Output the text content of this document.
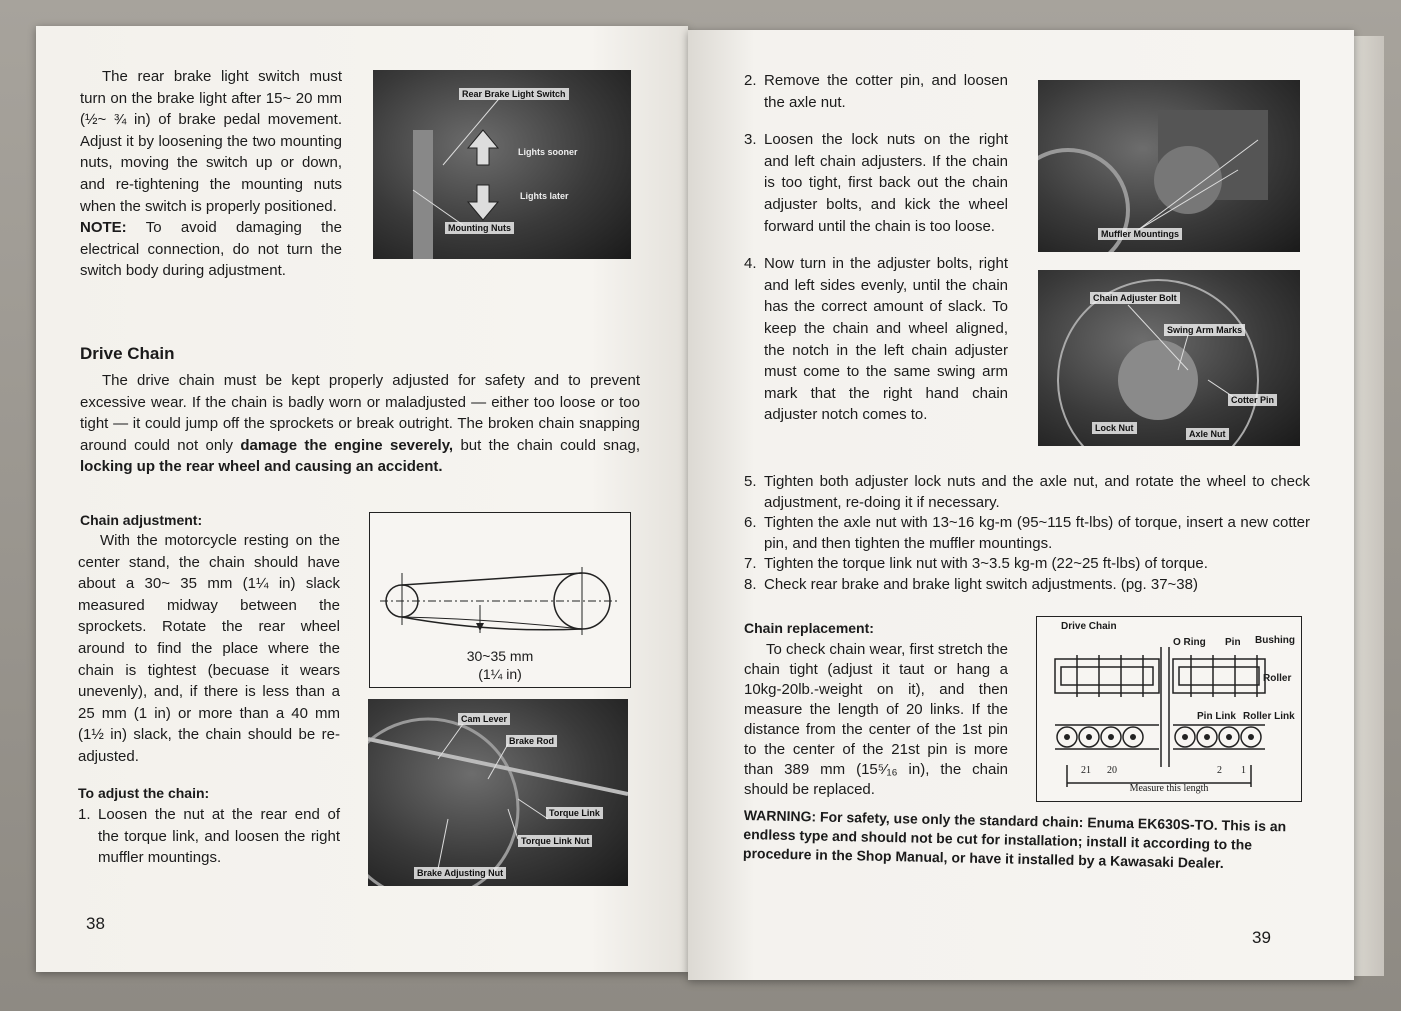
The rear brake light switch must turn on the brake light after 15~ 20 mm (½~ ¾ in) of brake pedal movement. Adjust it by loosening the two mounting nuts, moving the switch up or down, and re-tightening the mounting nuts when the switch is properly positioned.

NOTE: To avoid damaging the electrical connection, do not turn the switch body during adjustment.

Rear Brake Light Switch
Lights sooner
Lights later
Mounting Nuts
Drive Chain

The drive chain must be kept properly adjusted for safety and to prevent excessive wear. If the chain is badly worn or maladjusted — either too loose or too tight — it could jump off the sprockets or break outright. The broken chain snapping around could not only damage the engine severely, but the chain could snag, locking up the rear wheel and causing an accident.

Chain adjustment:

With the motorcycle resting on the center stand, the chain should have about a 30~ 35 mm (1¼ in) slack measured midway between the sprockets. Rotate the rear wheel around to find the place where the chain is tightest (becuase it wears unevenly), and, if there is less than a 25 mm (1 in) or more than a 40 mm (1½ in) slack, the chain should be re-adjusted.

30~35 mm
(1¼ in)
Cam Lever
Brake Rod
Torque Link
Torque Link Nut
Brake Adjusting Nut
To adjust the chain:
1. Loosen the nut at the rear end of the torque link, and loosen the right muffler mountings.
38
2. Remove the cotter pin, and loosen the axle nut.
3. Loosen the lock nuts on the right and left chain adjusters. If the chain is too tight, first back out the chain adjuster bolts, and kick the wheel forward until the chain is too loose.
4. Now turn in the adjuster bolts, right and left sides evenly, until the chain has the correct amount of slack. To keep the chain and wheel aligned, the notch in the left chain adjuster must come to the same swing arm mark that the right hand chain adjuster notch comes to.
Muffler Mountings
Chain Adjuster Bolt
Swing Arm Marks
Cotter Pin
Lock Nut
Axle Nut
5. Tighten both adjuster lock nuts and the axle nut, and rotate the wheel to check adjustment, re-doing it if necessary.
6. Tighten the axle nut with 13~16 kg-m (95~115 ft-lbs) of torque, insert a new cotter pin, and then tighten the muffler mountings.
7. Tighten the torque link nut with 3~3.5 kg-m (22~25 ft-lbs) of torque.
8. Check rear brake and brake light switch adjustments. (pg. 37~38)
Chain replacement:

To check chain wear, first stretch the chain tight (adjust it taut or hang a 10kg-20lb.-weight on it), and then measure the length of 20 links. If the distance from the center of the 1st pin to the center of the 21st pin is more than 389 mm (15⁵⁄₁₆ in), the chain should be replaced.

Drive Chain
O Ring Pin Bushing
Roller
Pin Link Roller Link
21 20	2 1
Measure this length
WARNING: For safety, use only the standard chain: Enuma EK630S-TO. This is an endless type and should not be cut for installation; install it according to the procedure in the Shop Manual, or have it installed by a Kawasaki Dealer.
39
